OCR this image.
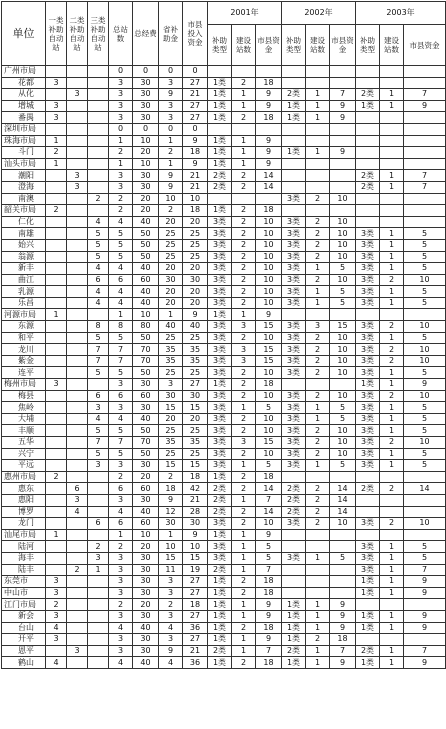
单位	一类补助自动站	二类补助自动站	三类补助自动站	总站数	总经费	省补助金	市县投入资金	2001年			2002年			2003年		
								补助类型	建设站数	市县资金	补助类型	建设站数	市县资金	补助类型	建设站数	市县资金
广州市局				0	0	0	0									
花都	3			3	30	3	27	1类	2	18						
从化		3		3	30	9	21	1类	1	9	2类	1	7	2类	1	7
增城	3			3	30	3	27	1类	1	9	1类	1	9	1类	1	9
番禺	3			3	30	3	27	1类	2	18	1类	1	9			
深圳市局				0	0	0	0									
珠海市局	1			1	10	1	9	1类	1	9						
斗门	2			2	20	2	18	1类	1	9	1类	1	9			
汕头市局	1			1	10	1	9	1类	1	9						
潮阳		3		3	30	9	21	2类	2	14				2类	1	7
澄海		3		3	30	9	21	2类	2	14				2类	1	7
南澳			2	2	20	10	10				3类	2	10			
韶关市局	2			2	20	2	18	1类	2	18						
仁化			4	4	40	20	20	3类	2	10	3类	2	10			
南雄			5	5	50	25	25	3类	2	10	3类	2	10	3类	1	5
始兴			5	5	50	25	25	3类	2	10	3类	2	10	3类	1	5
翁源			5	5	50	25	25	3类	2	10	3类	2	10	3类	1	5
新丰			4	4	40	20	20	3类	2	10	3类	1	5	3类	1	5
曲江			6	6	60	30	30	3类	2	10	3类	2	10	3类	2	10
乳源			4	4	40	20	20	3类	2	10	3类	1	5	3类	1	5
乐昌			4	4	40	20	20	3类	2	10	3类	1	5	3类	1	5
河源市局	1			1	10	1	9	1类	1	9						
东源			8	8	80	40	40	3类	3	15	3类	3	15	3类	2	10
和平			5	5	50	25	25	3类	2	10	3类	2	10	3类	1	5
龙川			7	7	70	35	35	3类	3	15	3类	2	10	3类	2	10
紫金			7	7	70	35	35	3类	3	15	3类	2	10	3类	2	10
连平			5	5	50	25	25	3类	2	10	3类	2	10	3类	1	5
梅州市局	3			3	30	3	27	1类	2	18				1类	1	9
梅县			6	6	60	30	30	3类	2	10	3类	2	10	3类	2	10
焦岭			3	3	30	15	15	3类	1	5	3类	1	5	3类	1	5
大埔			4	4	40	20	20	3类	2	10	3类	1	5	3类	1	5
丰顺			5	5	50	25	25	3类	2	10	3类	2	10	3类	1	5
五华			7	7	70	35	35	3类	3	15	3类	2	10	3类	2	10
兴宁			5	5	50	25	25	3类	2	10	3类	2	10	3类	1	5
平远			3	3	30	15	15	3类	1	5	3类	1	5	3类	1	5
惠州市局	2			2	20	2	18	1类	2	18						
惠东		6		6	60	18	42	2类	2	14	2类	2	14	2类	2	14
惠阳		3		3	30	9	21	2类	1	7	2类	2	14			
博罗		4		4	40	12	28	2类	2	14	2类	2	14			
龙门			6	6	60	30	30	3类	2	10	3类	2	10	3类	2	10
汕尾市局	1			1	10	1	9	1类	1	9						
陆河			2	2	20	10	10	3类	1	5				3类	1	5
海丰			3	3	30	15	15	3类	1	5	3类	1	5	3类	1	5
陆丰		2	1	3	30	11	19	2类	1	7				3类	1	7
东莞市	3			3	30	3	27	1类	2	18				1类	1	9
中山市	3			3	30	3	27	1类	2	18				1类	1	9
江门市局	2			2	20	2	18	1类	1	9	1类	1	9			
新会	3			3	30	3	27	1类	1	9	1类	1	9	1类	1	9
台山	4			4	40	4	36	1类	2	18	1类	1	9	1类	1	9
开平	3			3	30	3	27	1类	1	9	1类	2	18			
恩平		3		3	30	9	21	2类	1	7	2类	1	7	2类	1	7
鹤山	4			4	40	4	36	1类	2	18	1类	1	9	1类	1	9
